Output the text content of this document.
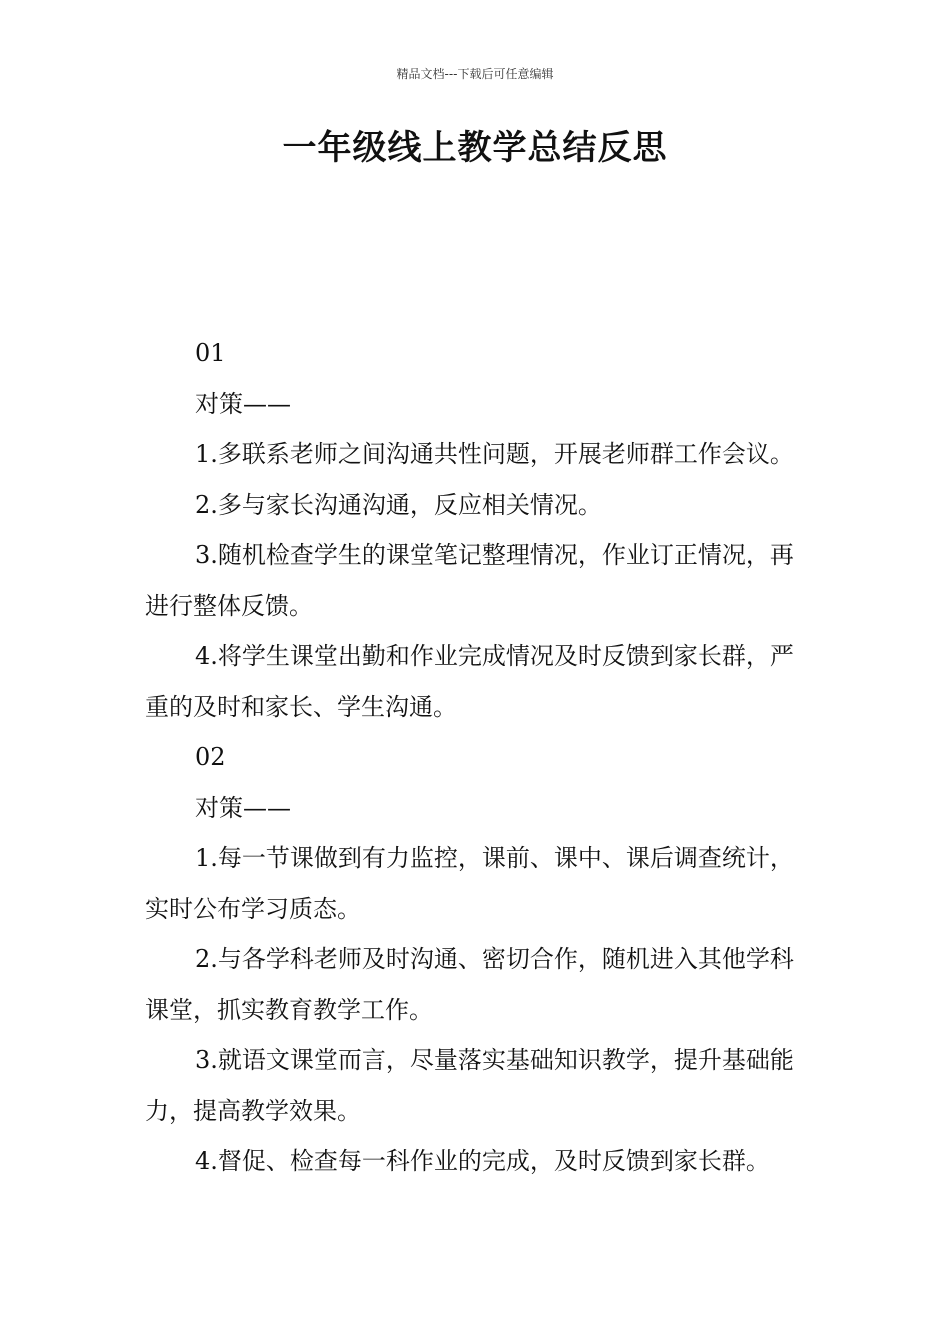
精品文档---下载后可任意编辑
一年级线上教学总结反思

01

对策——

1.多联系老师之间沟通共性问题，开展老师群工作会议。

2.多与家长沟通沟通，反应相关情况。

3.随机检查学生的课堂笔记整理情况，作业订正情况，再进行整体反馈。

4.将学生课堂出勤和作业完成情况及时反馈到家长群，严重的及时和家长、学生沟通。

02

对策——

1.每一节课做到有力监控，课前、课中、课后调查统计，实时公布学习质态。

2.与各学科老师及时沟通、密切合作，随机进入其他学科课堂，抓实教育教学工作。

3.就语文课堂而言，尽量落实基础知识教学，提升基础能力，提高教学效果。

4.督促、检查每一科作业的完成，及时反馈到家长群。
